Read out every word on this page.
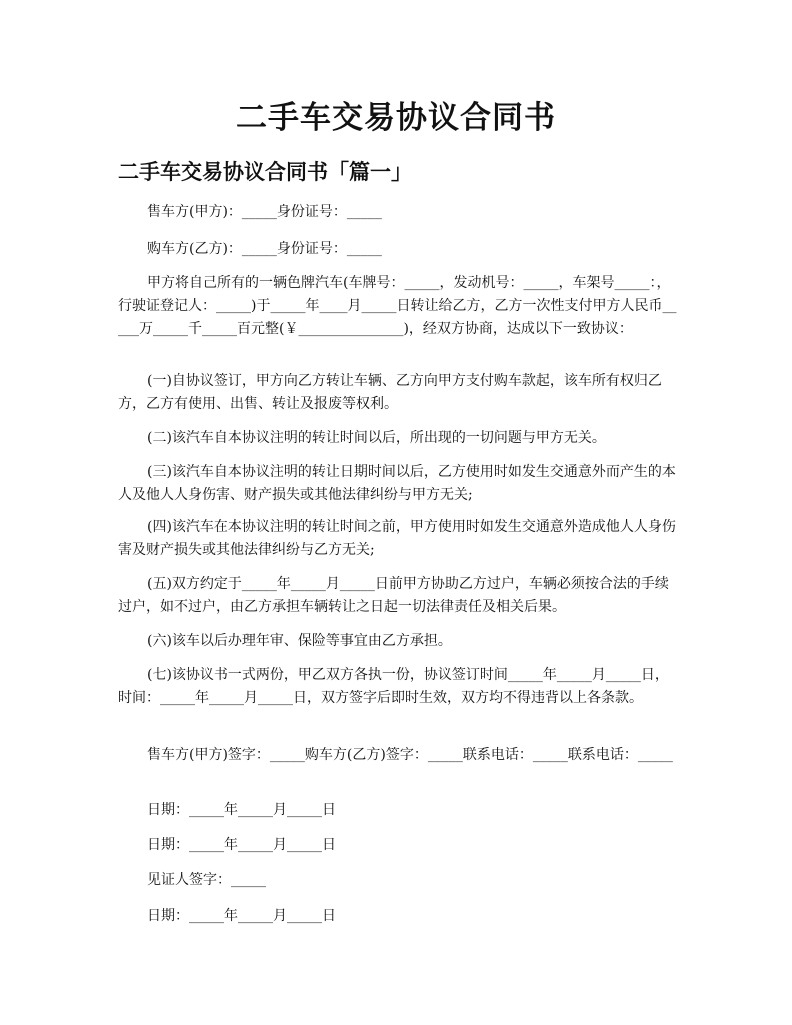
二手车交易协议合同书
二手车交易协议合同书「篇一」

售车方(甲方)：_____身份证号：_____

购车方(乙方)：_____身份证号：_____

甲方将自己所有的一辆色牌汽车(车牌号：_____，发动机号：_____，车架号_____：，行驶证登记人：_____)于_____年____月_____日转让给乙方，乙方一次性支付甲方人民币_____万_____千_____百元整(￥_______________)，经双方协商，达成以下一致协议：

(一)自协议签订，甲方向乙方转让车辆、乙方向甲方支付购车款起，该车所有权归乙方，乙方有使用、出售、转让及报废等权利。

(二)该汽车自本协议注明的转让时间以后，所出现的一切问题与甲方无关。

(三)该汽车自本协议注明的转让日期时间以后，乙方使用时如发生交通意外而产生的本人及他人人身伤害、财产损失或其他法律纠纷与甲方无关;

(四)该汽车在本协议注明的转让时间之前，甲方使用时如发生交通意外造成他人人身伤害及财产损失或其他法律纠纷与乙方无关;

(五)双方约定于_____年_____月_____日前甲方协助乙方过户，车辆必须按合法的手续过户，如不过户，由乙方承担车辆转让之日起一切法律责任及相关后果。

(六)该车以后办理年审、保险等事宜由乙方承担。

(七)该协议书一式两份，甲乙双方各执一份，协议签订时间_____年_____月_____日，时间：_____年_____月_____日，双方签字后即时生效，双方均不得违背以上各条款。

售车方(甲方)签字：_____购车方(乙方)签字：_____联系电话：_____联系电话：_____

日期：_____年_____月_____日

日期：_____年_____月_____日

见证人签字：_____

日期：_____年_____月_____日
